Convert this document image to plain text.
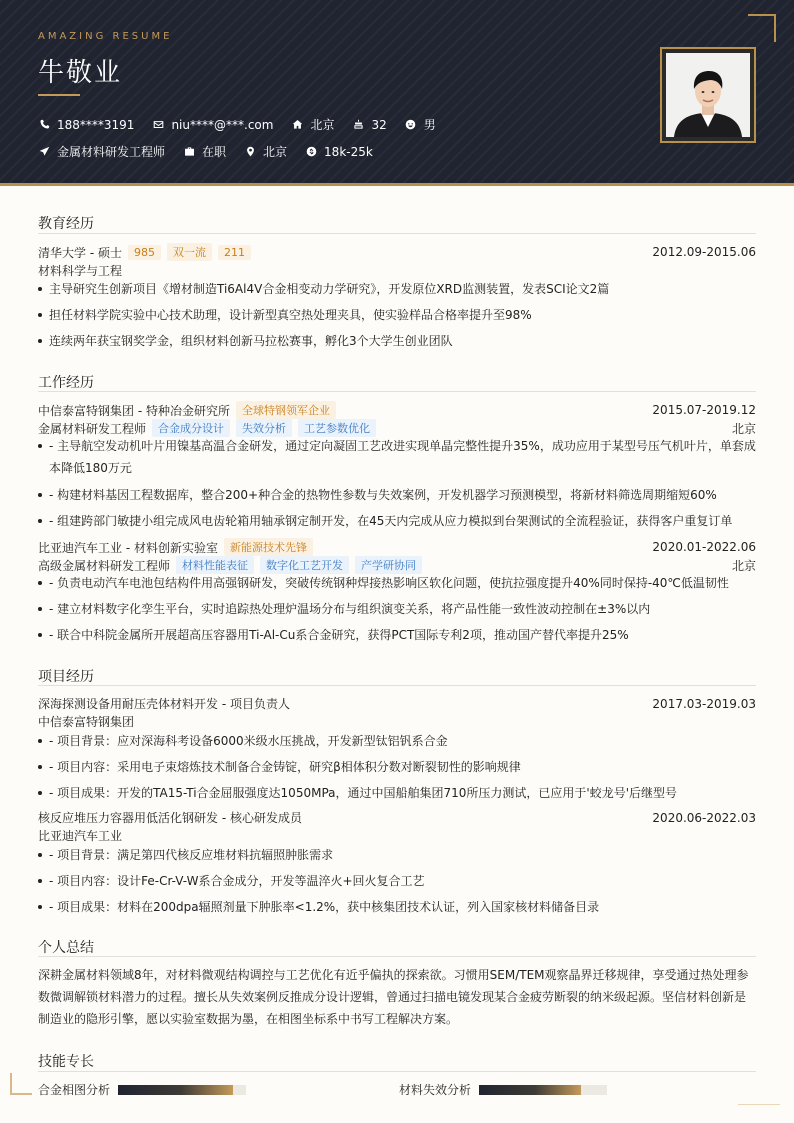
AMAZING RESUME
牛敬业
188****3191	niu****@***.com	北京	32	男
金属材料研发工程师	在职	北京	18k-25k
教育经历
清华大学 - 硕士	985	双一流	211	2012.09-2015.06
材料科学与工程
主导研究生创新项目《增材制造Ti6Al4V合金相变动力学研究》，开发原位XRD监测装置，发表SCI论文2篇
担任材料学院实验中心技术助理，设计新型真空热处理夹具，使实验样品合格率提升至98%
连续两年获宝钢奖学金，组织材料创新马拉松赛事，孵化3个大学生创业团队
工作经历
中信泰富特钢集团 - 特种冶金研究所	全球特钢领军企业	2015.07-2019.12
金属材料研发工程师	合金成分设计	失效分析	工艺参数优化	北京
- 主导航空发动机叶片用镍基高温合金研发，通过定向凝固工艺改进实现单晶完整性提升35%，成功应用于某型号压气机叶片，单套成本降低180万元
- 构建材料基因工程数据库，整合200+种合金的热物性参数与失效案例，开发机器学习预测模型，将新材料筛选周期缩短60%
- 组建跨部门敏捷小组完成风电齿轮箱用轴承钢定制开发，在45天内完成从应力模拟到台架测试的全流程验证，获得客户重复订单
比亚迪汽车工业 - 材料创新实验室	新能源技术先锋	2020.01-2022.06
高级金属材料研发工程师	材料性能表征	数字化工艺开发	产学研协同	北京
- 负责电动汽车电池包结构件用高强钢研发，突破传统钢种焊接热影响区软化问题，使抗拉强度提升40%同时保持-40℃低温韧性
- 建立材料数字化孪生平台，实时追踪热处理炉温场分布与组织演变关系，将产品性能一致性波动控制在±3%以内
- 联合中科院金属所开展超高压容器用Ti-Al-Cu系合金研究，获得PCT国际专利2项，推动国产替代率提升25%
项目经历
深海探测设备用耐压壳体材料开发 - 项目负责人	2017.03-2019.03
中信泰富特钢集团
- 项目背景：应对深海科考设备6000米级水压挑战，开发新型钛铝钒系合金
- 项目内容：采用电子束熔炼技术制备合金铸锭，研究β相体积分数对断裂韧性的影响规律
- 项目成果：开发的TA15-Ti合金屈服强度达1050MPa，通过中国船舶集团710所压力测试，已应用于'蛟龙号'后继型号
核反应堆压力容器用低活化钢研发 - 核心研发成员	2020.06-2022.03
比亚迪汽车工业
- 项目背景：满足第四代核反应堆材料抗辐照肿胀需求
- 项目内容：设计Fe-Cr-V-W系合金成分，开发等温淬火+回火复合工艺
- 项目成果：材料在200dpa辐照剂量下肿胀率<1.2%，获中核集团技术认证，列入国家核材料储备目录
个人总结
深耕金属材料领域8年，对材料微观结构调控与工艺优化有近乎偏执的探索欲。习惯用SEM/TEM观察晶界迁移规律，享受通过热处理参数微调解锁材料潜力的过程。擅长从失效案例反推成分设计逻辑，曾通过扫描电镜发现某合金疲劳断裂的纳米级起源。坚信材料创新是制造业的隐形引擎，愿以实验室数据为墨，在相图坐标系中书写工程解决方案。
技能专长
合金相图分析	材料失效分析
